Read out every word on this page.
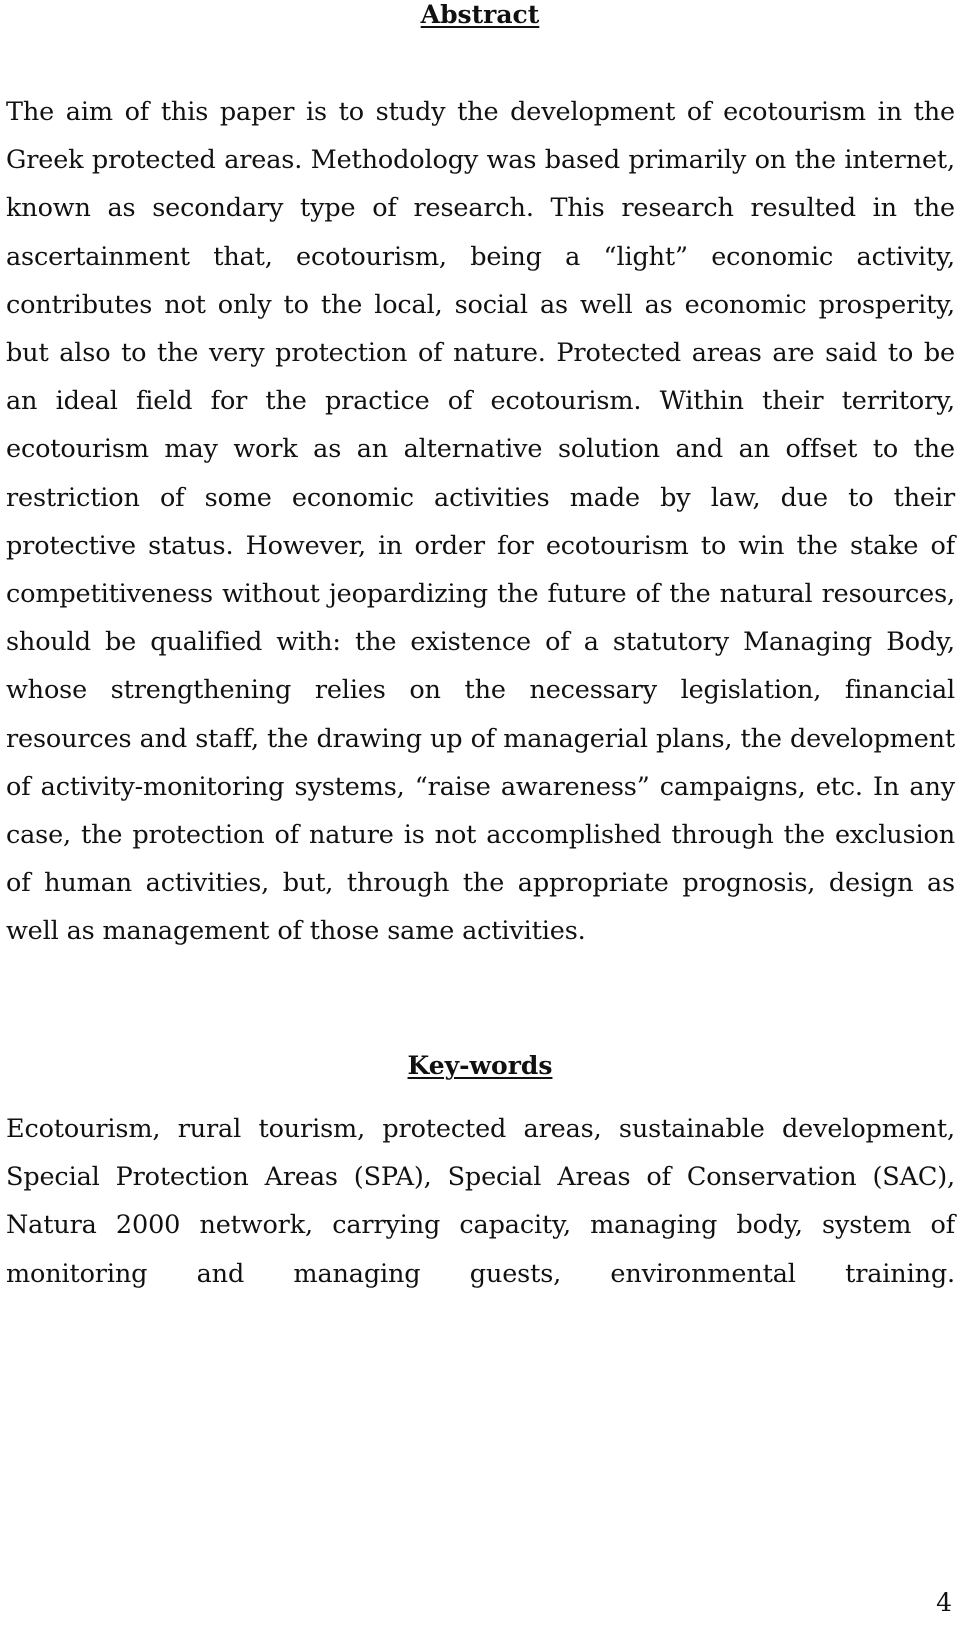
Abstract

The aim of this paper is to study the development of ecotourism in the Greek protected areas. Methodology was based primarily on the internet, known as secondary type of research. This research resulted in the ascertainment that, ecotourism, being a “light” economic activity, contributes not only to the local, social as well as economic prosperity, but also to the very protection of nature. Protected areas are said to be an ideal field for the practice of ecotourism. Within their territory, ecotourism may work as an alternative solution and an offset to the restriction of some economic activities made by law, due to their protective status. However, in order for ecotourism to win the stake of competitiveness without jeopardizing the future of the natural resources, should be qualified with: the existence of a statutory Managing Body, whose strengthening relies on the necessary legislation, financial resources and staff, the drawing up of managerial plans, the development of activity-monitoring systems, “raise awareness” campaigns, etc. In any case, the protection of nature is not accomplished through the exclusion of human activities, but, through the appropriate prognosis, design as well as management of those same activities.

Key-words

Ecotourism, rural tourism, protected areas, sustainable development, Special Protection Areas (SPA), Special Areas of Conservation (SAC), Natura 2000 network, carrying capacity, managing body, system of monitoring and managing guests, environmental training.

4
